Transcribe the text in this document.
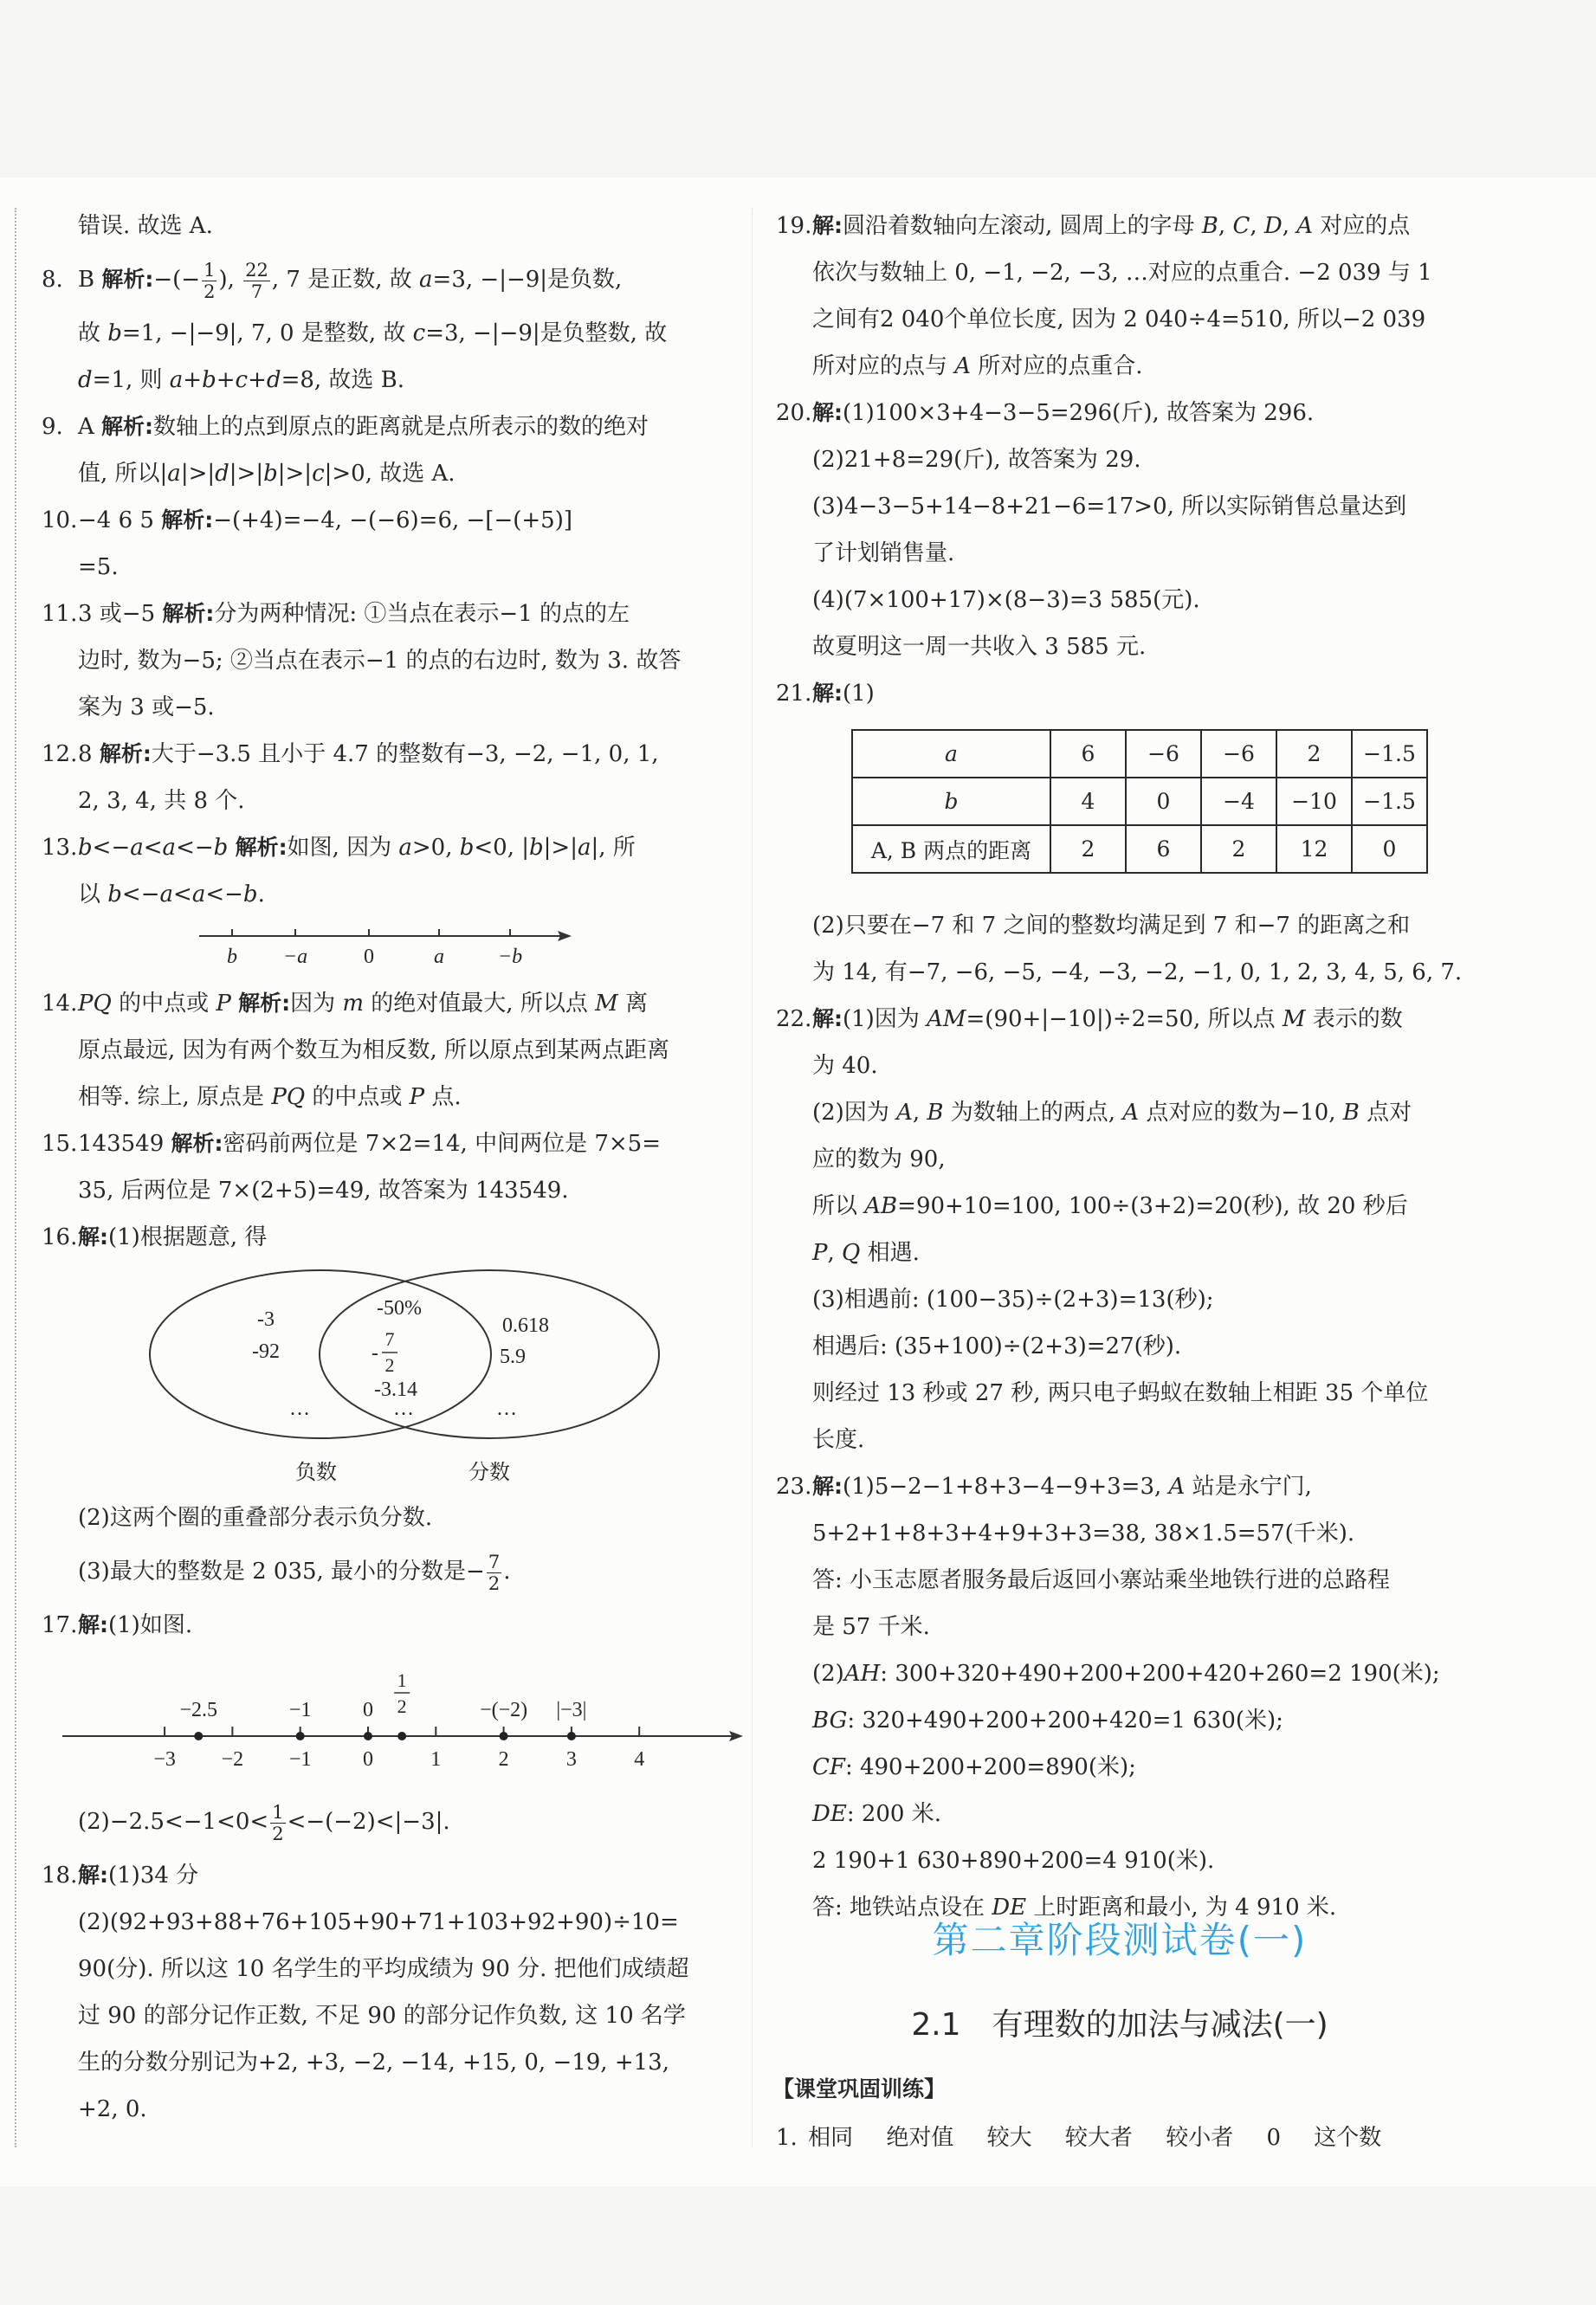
错误. 故选 A.
8. B 解析:−(− $\frac{1}{2}$ ), $\frac{22}{7}$ , 7 是正数, 故 a=3, −|−9|是负数,
故 b=1, −|−9|, 7, 0 是整数, 故 c=3, −|−9|是负整数, 故
d=1, 则 a+b+c+d=8, 故选 B.
9. A 解析:数轴上的点到原点的距离就是点所表示的数的绝对
值, 所以|a|>|d|>|b|>|c|>0, 故选 A.
10. −4 6 5 解析:−(+4)=−4, −(−6)=6, −[−(+5)]
=5.
11. 3 或−5 解析:分为两种情况: ①当点在表示−1 的点的左
边时, 数为−5; ②当点在表示−1 的点的右边时, 数为 3. 故答
案为 3 或−5.
12. 8 解析:大于−3.5 且小于 4.7 的整数有−3, −2, −1, 0, 1,
2, 3, 4, 共 8 个.
13. b<−a<a<−b 解析:如图, 因为 a>0, b<0, |b|>|a|, 所
以 b<−a<a<−b.
b −a	0	a	−b
14. PQ 的中点或 P 解析:因为 m 的绝对值最大, 所以点 M 离
原点最远, 因为有两个数互为相反数, 所以原点到某两点距离
相等. 综上, 原点是 PQ 的中点或 P 点.
15. 143549 解析:密码前两位是 7×2=14, 中间两位是 7×5=
35, 后两位是 7×(2+5)=49, 故答案为 143549.
16. 解:(1)根据题意, 得
-3
-92
…
-50%
-
7
2
-3.14
…
0.618
5.9
…
负数	分数
(2)这两个圈的重叠部分表示负分数.
(3)最大的整数是 2 035, 最小的分数是− $\frac{7}{2}$ .
17. 解:(1)如图.
−3 −2 −1 0	1	2	3	4
−2.5	−1 0
1
2	−(−2) |−3|
$(2)-2.5<-1<0< \frac{1}{2} <-(-2)<|-3|$.
18. 解:(1)34 分
(2)(92+93+88+76+105+90+71+103+92+90)÷10=
90(分). 所以这 10 名学生的平均成绩为 90 分. 把他们成绩超
过 90 的部分记作正数, 不足 90 的部分记作负数, 这 10 名学
生的分数分别记为+2, +3, −2, −14, +15, 0, −19, +13,
+2, 0.
19. 解:圆沿着数轴向左滚动, 圆周上的字母 B, C, D, A 对应的点
依次与数轴上 0, −1, −2, −3, …对应的点重合. −2 039 与 1
之间有2 040个单位长度, 因为 2 040÷4=510, 所以−2 039
所对应的点与 A 所对应的点重合.
20. 解:(1)100×3+4−3−5=296(斤), 故答案为 296.
(2)21+8=29(斤), 故答案为 29.
(3)4−3−5+14−8+21−6=17>0, 所以实际销售总量达到
了计划销售量.
(4)(7×100+17)×(8−3)=3 585(元).
故夏明这一周一共收入 3 585 元.
21. 解:(1)
a	6	−6	−6	2	−1.5
b	4	0	−4	−10	−1.5
A, B 两点的距离	2	6	2	12	0
(2)只要在−7 和 7 之间的整数均满足到 7 和−7 的距离之和
为 14, 有−7, −6, −5, −4, −3, −2, −1, 0, 1, 2, 3, 4, 5, 6, 7.
22. 解:(1)因为 AM=(90+|−10|)÷2=50, 所以点 M 表示的数
为 40.
(2)因为 A, B 为数轴上的两点, A 点对应的数为−10, B 点对
应的数为 90,
所以 AB=90+10=100, 100÷(3+2)=20(秒), 故 20 秒后
P, Q 相遇.
(3)相遇前: (100−35)÷(2+3)=13(秒);
相遇后: (35+100)÷(2+3)=27(秒).
则经过 13 秒或 27 秒, 两只电子蚂蚁在数轴上相距 35 个单位
长度.
23. 解:(1)5−2−1+8+3−4−9+3=3, A 站是永宁门,
5+2+1+8+3+4+9+3+3=38, 38×1.5=57(千米).
答: 小玉志愿者服务最后返回小寨站乘坐地铁行进的总路程
是 57 千米.
(2)AH: 300+320+490+200+200+420+260=2 190(米);
BG: 320+490+200+200+420=1 630(米);
CF: 490+200+200=890(米);
DE: 200 米.
2 190+1 630+890+200=4 910(米).
答: 地铁站点设在 DE 上时距离和最小, 为 4 910 米.
第二章阶段测试卷(一)
2.1 有理数的加法与减法(一)
【课堂巩固训练】
1. 相同 绝对值 较大 较大者 较小者 0 这个数
